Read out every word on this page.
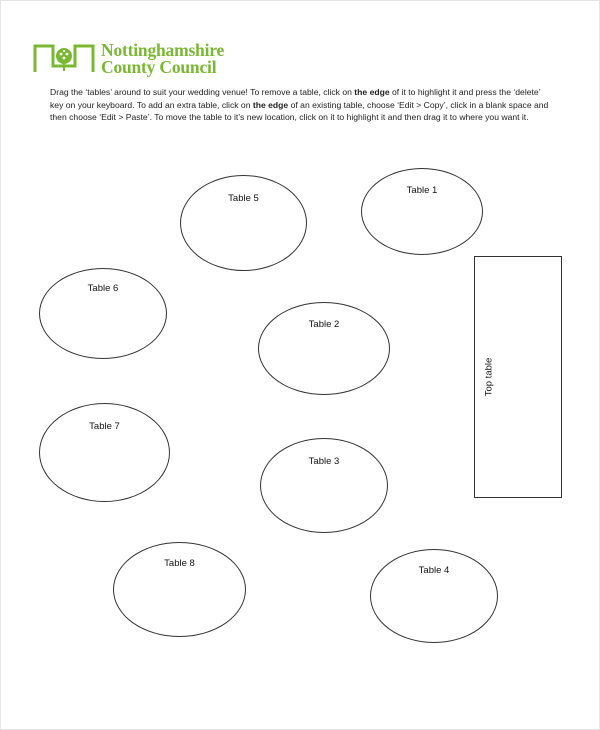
Nottinghamshire
County Council
Drag the ‘tables’ around to suit your wedding venue! To remove a table, click on the edge of it to highlight it and press the ‘delete’ key on your keyboard. To add an extra table, click on the edge of an existing table, choose ‘Edit > Copy’, click in a blank space and then choose ‘Edit > Paste’. To move the table to it’s new location, click on it to highlight it and then drag it to where you want it.
Table 5
Table 1
Table 6
Table 2
Table 7
Table 3
Table 8
Table 4
Top table
